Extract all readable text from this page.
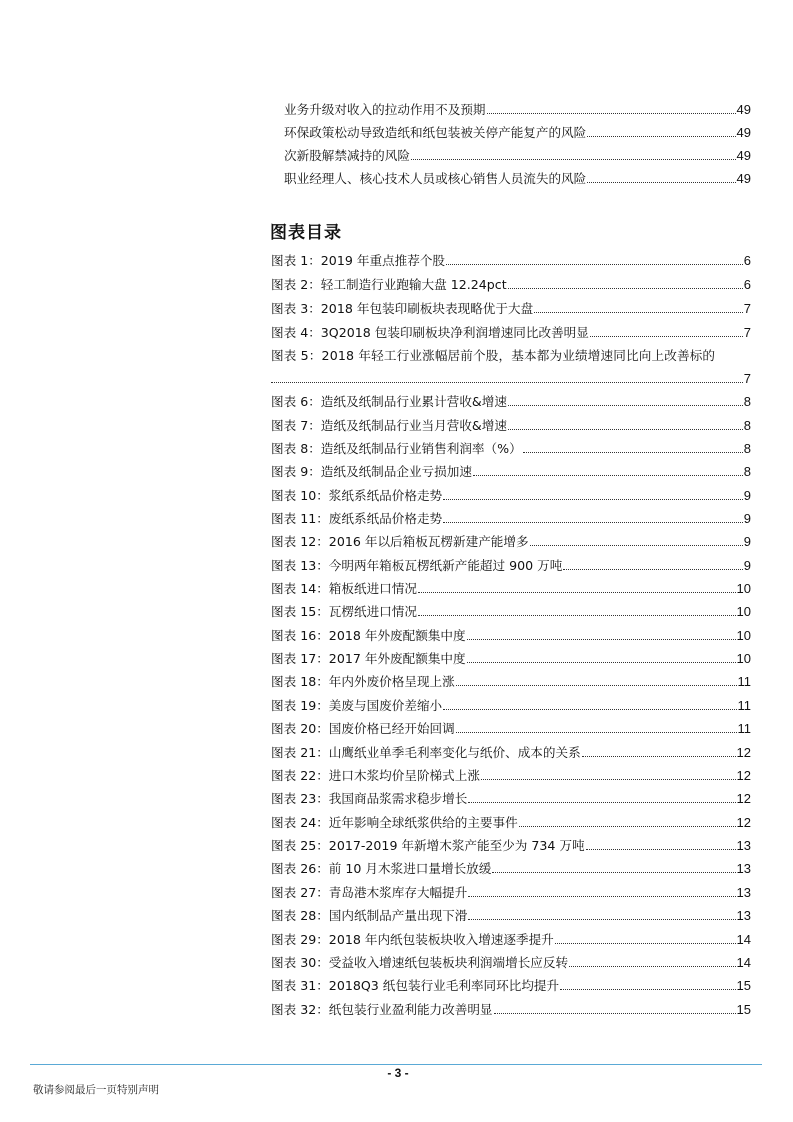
业务升级对收入的拉动作用不及预期	49
环保政策松动导致造纸和纸包装被关停产能复产的风险	49
次新股解禁减持的风险	49
职业经理人、核心技术人员或核心销售人员流失的风险	49
图表目录
图表 1：2019 年重点推荐个股	6
图表 2：轻工制造行业跑输大盘 12.24pct	6
图表 3：2018 年包装印刷板块表现略优于大盘	7
图表 4：3Q2018 包装印刷板块净利润增速同比改善明显	7
图表 5：2018 年轻工行业涨幅居前个股，基本都为业绩增速同比向上改善标的
7
图表 6：造纸及纸制品行业累计营收&增速	8
图表 7：造纸及纸制品行业当月营收&增速	8
图表 8：造纸及纸制品行业销售利润率（%）	8
图表 9：造纸及纸制品企业亏损加速	8
图表 10：浆纸系纸品价格走势	9
图表 11：废纸系纸品价格走势	9
图表 12：2016 年以后箱板瓦楞新建产能增多	9
图表 13：今明两年箱板瓦楞纸新产能超过 900 万吨	9
图表 14：箱板纸进口情况	10
图表 15：瓦楞纸进口情况	10
图表 16：2018 年外废配额集中度	10
图表 17：2017 年外废配额集中度	10
图表 18：年内外废价格呈现上涨	11
图表 19：美废与国废价差缩小	11
图表 20：国废价格已经开始回调	11
图表 21：山鹰纸业单季毛利率变化与纸价、成本的关系	12
图表 22：进口木浆均价呈阶梯式上涨	12
图表 23：我国商品浆需求稳步增长	12
图表 24：近年影响全球纸浆供给的主要事件	12
图表 25：2017-2019 年新增木浆产能至少为 734 万吨	13
图表 26：前 10 月木浆进口量增长放缓	13
图表 27：青岛港木浆库存大幅提升	13
图表 28：国内纸制品产量出现下滑	13
图表 29：2018 年内纸包装板块收入增速逐季提升	14
图表 30：受益收入增速纸包装板块利润端增长应反转	14
图表 31：2018Q3 纸包装行业毛利率同环比均提升	15
图表 32：纸包装行业盈利能力改善明显	15
- 3 -
敬请参阅最后一页特别声明
